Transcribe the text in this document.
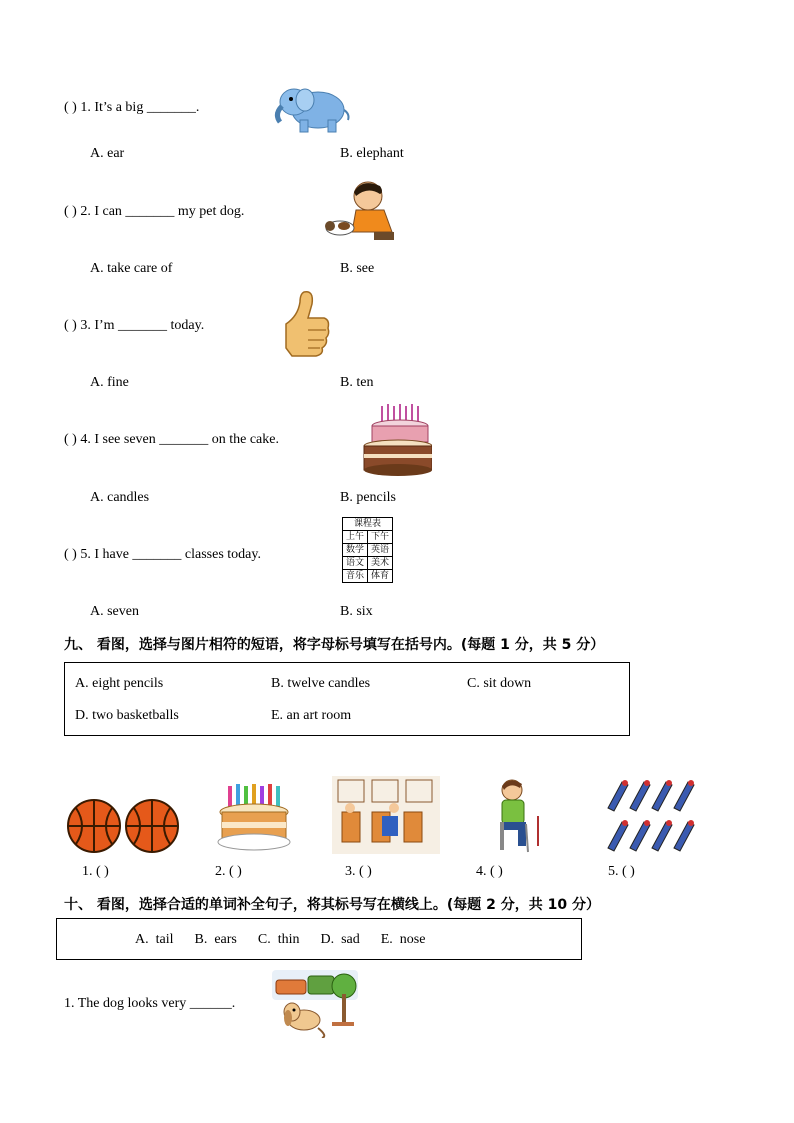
( ) 1. It’s a big _______.
A. ear	B. elephant
( ) 2. I can _______ my pet dog.
A. take care of	B. see
( ) 3. I’m _______ today.
A. fine	B. ten
( ) 4. I see seven _______ on the cake.
A. candles	B. pencils
( ) 5. I have _______ classes today.
课程表	
上午	下午
数学	英语
语文	美术
音乐	体育
A. seven	B. six
九、 看图，选择与图片相符的短语，将字母标号填写在括号内。(每题 1 分，共 5 分）
A. eight pencils	B. twelve candles	C. sit down
D. two basketballs	E. an art room
1. ( )	2. ( )	3. ( )	4. ( )	5. ( )
十、 看图，选择合适的单词补全句子，将其标号写在横线上。(每题 2 分，共 10 分）
A.  tail      B.  ears      C.  thin      D.  sad      E.  nose
1. The dog looks very ______.
